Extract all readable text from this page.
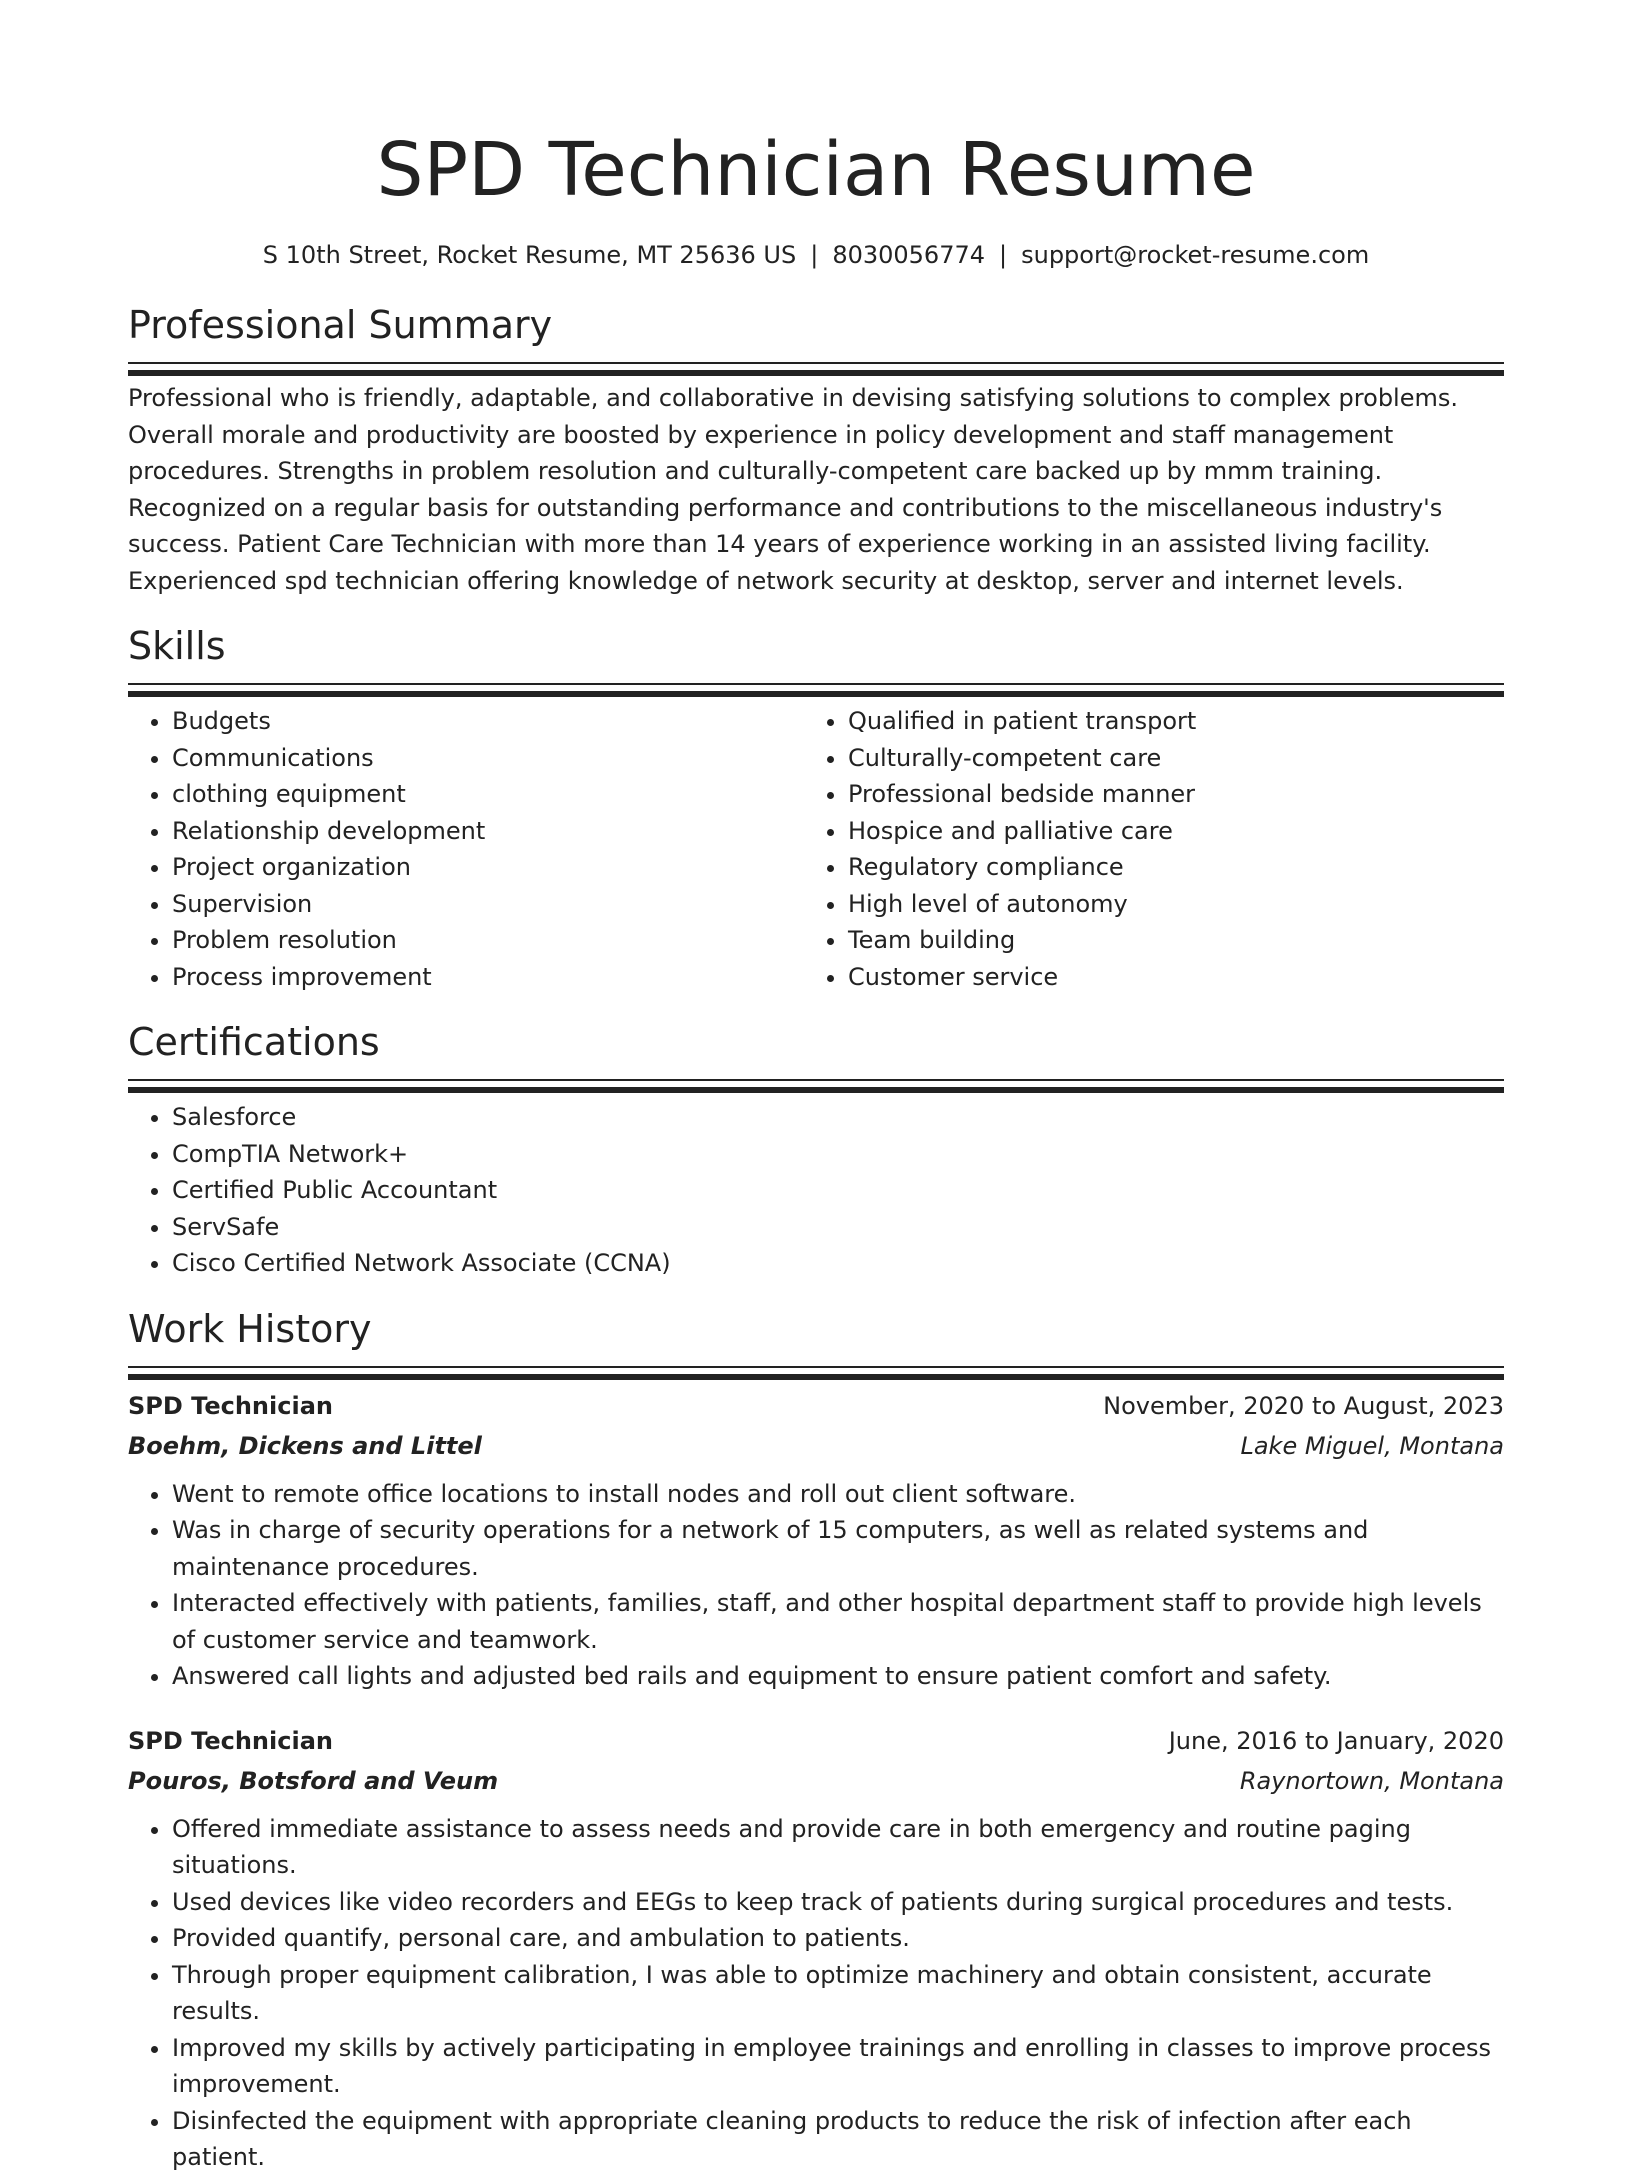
SPD Technician Resume
S 10th Street, Rocket Resume, MT 25636 US | 8030056774 | support@rocket-resume.com
Professional Summary

Professional who is friendly, adaptable, and collaborative in devising satisfying solutions to complex problems. Overall morale and productivity are boosted by experience in policy development and staff management procedures. Strengths in problem resolution and culturally-competent care backed up by mmm training. Recognized on a regular basis for outstanding performance and contributions to the miscellaneous industry's success. Patient Care Technician with more than 14 years of experience working in an assisted living facility. Experienced spd technician offering knowledge of network security at desktop, server and internet levels.

Skills
• Budgets
• Communications
• clothing equipment
• Relationship development
• Project organization
• Supervision
• Problem resolution
• Process improvement
• Qualified in patient transport
• Culturally-competent care
• Professional bedside manner
• Hospice and palliative care
• Regulatory compliance
• High level of autonomy
• Team building
• Customer service
Certifications
• Salesforce
• CompTIA Network+
• Certified Public Accountant
• ServSafe
• Cisco Certified Network Associate (CCNA)
Work History
SPD Technician	November, 2020 to August, 2023
Boehm, Dickens and Littel	Lake Miguel, Montana
• Went to remote office locations to install nodes and roll out client software.
• Was in charge of security operations for a network of 15 computers, as well as related systems and maintenance procedures.
• Interacted effectively with patients, families, staff, and other hospital department staff to provide high levels of customer service and teamwork.
• Answered call lights and adjusted bed rails and equipment to ensure patient comfort and safety.
SPD Technician	June, 2016 to January, 2020
Pouros, Botsford and Veum	Raynortown, Montana
• Offered immediate assistance to assess needs and provide care in both emergency and routine paging situations.
• Used devices like video recorders and EEGs to keep track of patients during surgical procedures and tests.
• Provided quantify, personal care, and ambulation to patients.
• Through proper equipment calibration, I was able to optimize machinery and obtain consistent, accurate results.
• Improved my skills by actively participating in employee trainings and enrolling in classes to improve process improvement.
• Disinfected the equipment with appropriate cleaning products to reduce the risk of infection after each patient.
